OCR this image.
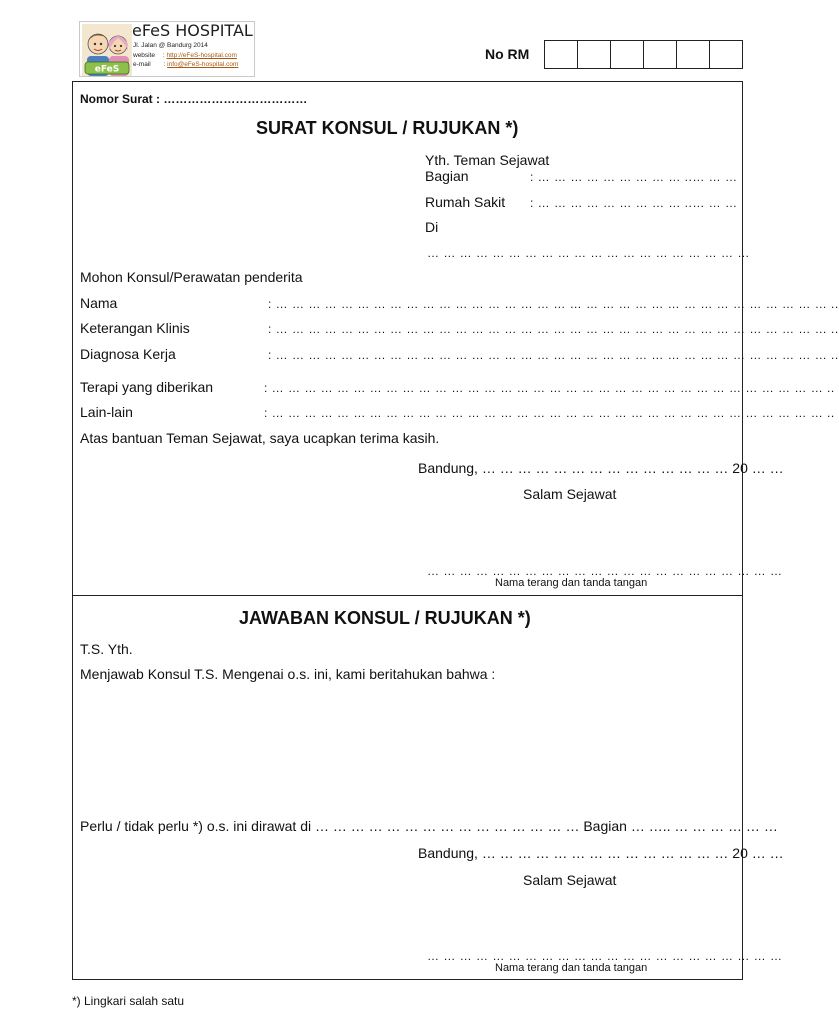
eFeS
eFeS HOSPITAL
Jl. Jalan @ Bandurg 2014
website : http://eFeS-hospital.com
e-mail : info@eFeS-hospital.com
No RM
Nomor Surat : ………………………………
SURAT KONSUL / RUJUKAN *)
Yth. Teman Sejawat
Bagian	: … … … … … … … … … ..… … …
Rumah Sakit : … … … … … … … … … ..… … …
Di
… … … … … … … … … … … … … … … … … … … …
Mohon Konsul/Perawatan penderita
Nama	: … … … … … … … … … … … … … … … … … … … … … … … … … … … … … … … … … … ..
Keterangan Klinis	: … … … … … … … … … … … … … … … … … … … … … … … … … … … … … … … … … … ..
Diagnosa Kerja	: … … … … … … … … … … … … … … … … … … … … … … … … … … … … … … … … … … ..
Terapi yang diberikan	: … … … … … … … … … … … … … … … … … … … … … … … … … … … … … … … … … … ..
Lain-lain	: … … … … … … … … … … … … … … … … … … … … … … … … … … … … … … … … … … ..
Atas bantuan Teman Sejawat, saya ucapkan terima kasih.
Bandung, … … … … … … … … … … … … … … 20 … …
Salam Sejawat
… … … … … … … … … … … … … … … … … … … … … …
Nama terang dan tanda tangan
JAWABAN KONSUL / RUJUKAN *)
T.S. Yth.
Menjawab Konsul T.S. Mengenai o.s. ini, kami beritahukan bahwa :
Perlu / tidak perlu *) o.s. ini dirawat di … … … … … … … … … … … … … … … Bagian … ….. … … … … … …
Bandung, … … … … … … … … … … … … … … 20 … …
Salam Sejawat
… … … … … … … … … … … … … … … … … … … … … …
Nama terang dan tanda tangan
*) Lingkari salah satu
